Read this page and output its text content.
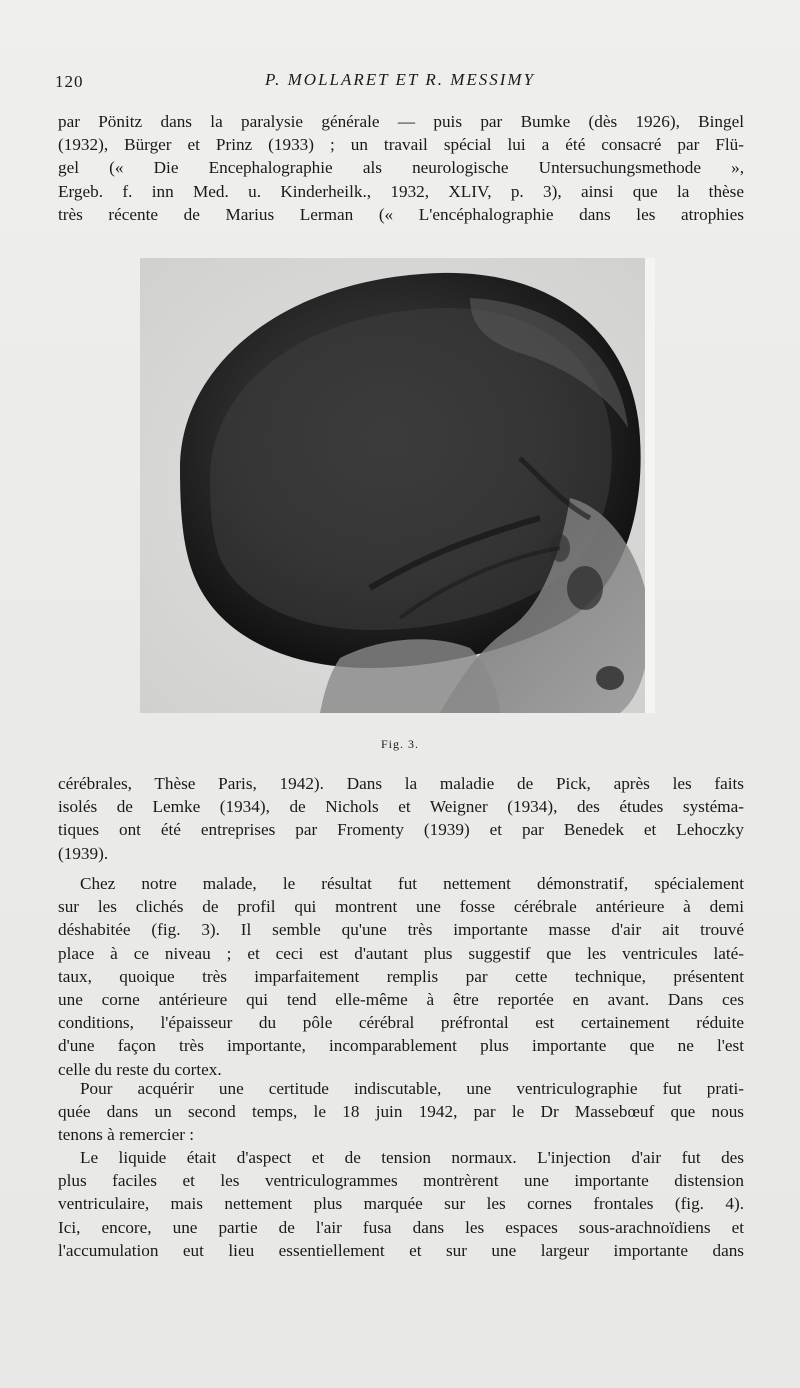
120	P. MOLLARET ET R. MESSIMY
par Pönitz dans la paralysie générale — puis par Bumke (dès 1926), Bingel
(1932), Bürger et Prinz (1933) ; un travail spécial lui a été consacré par Flü-
gel (« Die Encephalographie als neurologische Untersuchungsmethode »,
Ergeb. f. inn Med. u. Kinderheilk., 1932, XLIV, p. 3), ainsi que la thèse
très récente de Marius Lerman (« L'encéphalographie dans les atrophies
Fig. 3.
cérébrales, Thèse Paris, 1942). Dans la maladie de Pick, après les faits
isolés de Lemke (1934), de Nichols et Weigner (1934), des études systéma-
tiques ont été entreprises par Fromenty (1939) et par Benedek et Lehoczky
(1939).
Chez notre malade, le résultat fut nettement démonstratif, spécialement
sur les clichés de profil qui montrent une fosse cérébrale antérieure à demi
déshabitée (fig. 3). Il semble qu'une très importante masse d'air ait trouvé
place à ce niveau ; et ceci est d'autant plus suggestif que les ventricules laté-
taux, quoique très imparfaitement remplis par cette technique, présentent
une corne antérieure qui tend elle-même à être reportée en avant. Dans ces
conditions, l'épaisseur du pôle cérébral préfrontal est certainement réduite
d'une façon très importante, incomparablement plus importante que ne l'est
celle du reste du cortex.
Pour acquérir une certitude indiscutable, une ventriculographie fut prati-
quée dans un second temps, le 18 juin 1942, par le Dr Massebœuf que nous
tenons à remercier :
Le liquide était d'aspect et de tension normaux. L'injection d'air fut des
plus faciles et les ventriculogrammes montrèrent une importante distension
ventriculaire, mais nettement plus marquée sur les cornes frontales (fig. 4).
Ici, encore, une partie de l'air fusa dans les espaces sous-arachnoïdiens et
l'accumulation eut lieu essentiellement et sur une largeur importante dans
